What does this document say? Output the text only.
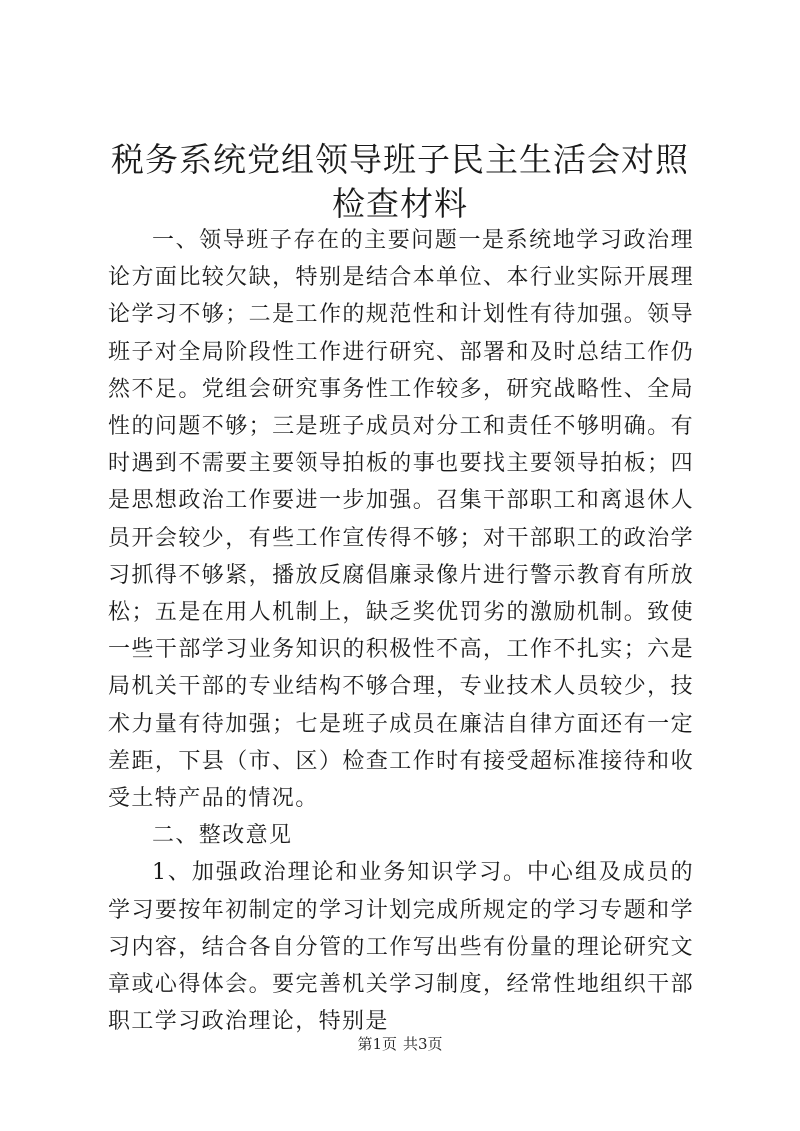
税务系统党组领导班子民主生活会对照检查材料

一、领导班子存在的主要问题一是系统地学习政治理论方面比较欠缺，特别是结合本单位、本行业实际开展理论学习不够；二是工作的规范性和计划性有待加强。领导班子对全局阶段性工作进行研究、部署和及时总结工作仍然不足。党组会研究事务性工作较多，研究战略性、全局性的问题不够；三是班子成员对分工和责任不够明确。有时遇到不需要主要领导拍板的事也要找主要领导拍板；四是思想政治工作要进一步加强。召集干部职工和离退休人员开会较少，有些工作宣传得不够；对干部职工的政治学习抓得不够紧，播放反腐倡廉录像片进行警示教育有所放松；五是在用人机制上，缺乏奖优罚劣的激励机制。致使一些干部学习业务知识的积极性不高，工作不扎实；六是局机关干部的专业结构不够合理，专业技术人员较少，技术力量有待加强；七是班子成员在廉洁自律方面还有一定差距，下县（市、区）检查工作时有接受超标准接待和收受土特产品的情况。

二、整改意见

1、加强政治理论和业务知识学习。中心组及成员的学习要按年初制定的学习计划完成所规定的学习专题和学习内容，结合各自分管的工作写出些有份量的理论研究文章或心得体会。要完善机关学习制度，经常性地组织干部职工学习政治理论，特别是

第1页 共3页
